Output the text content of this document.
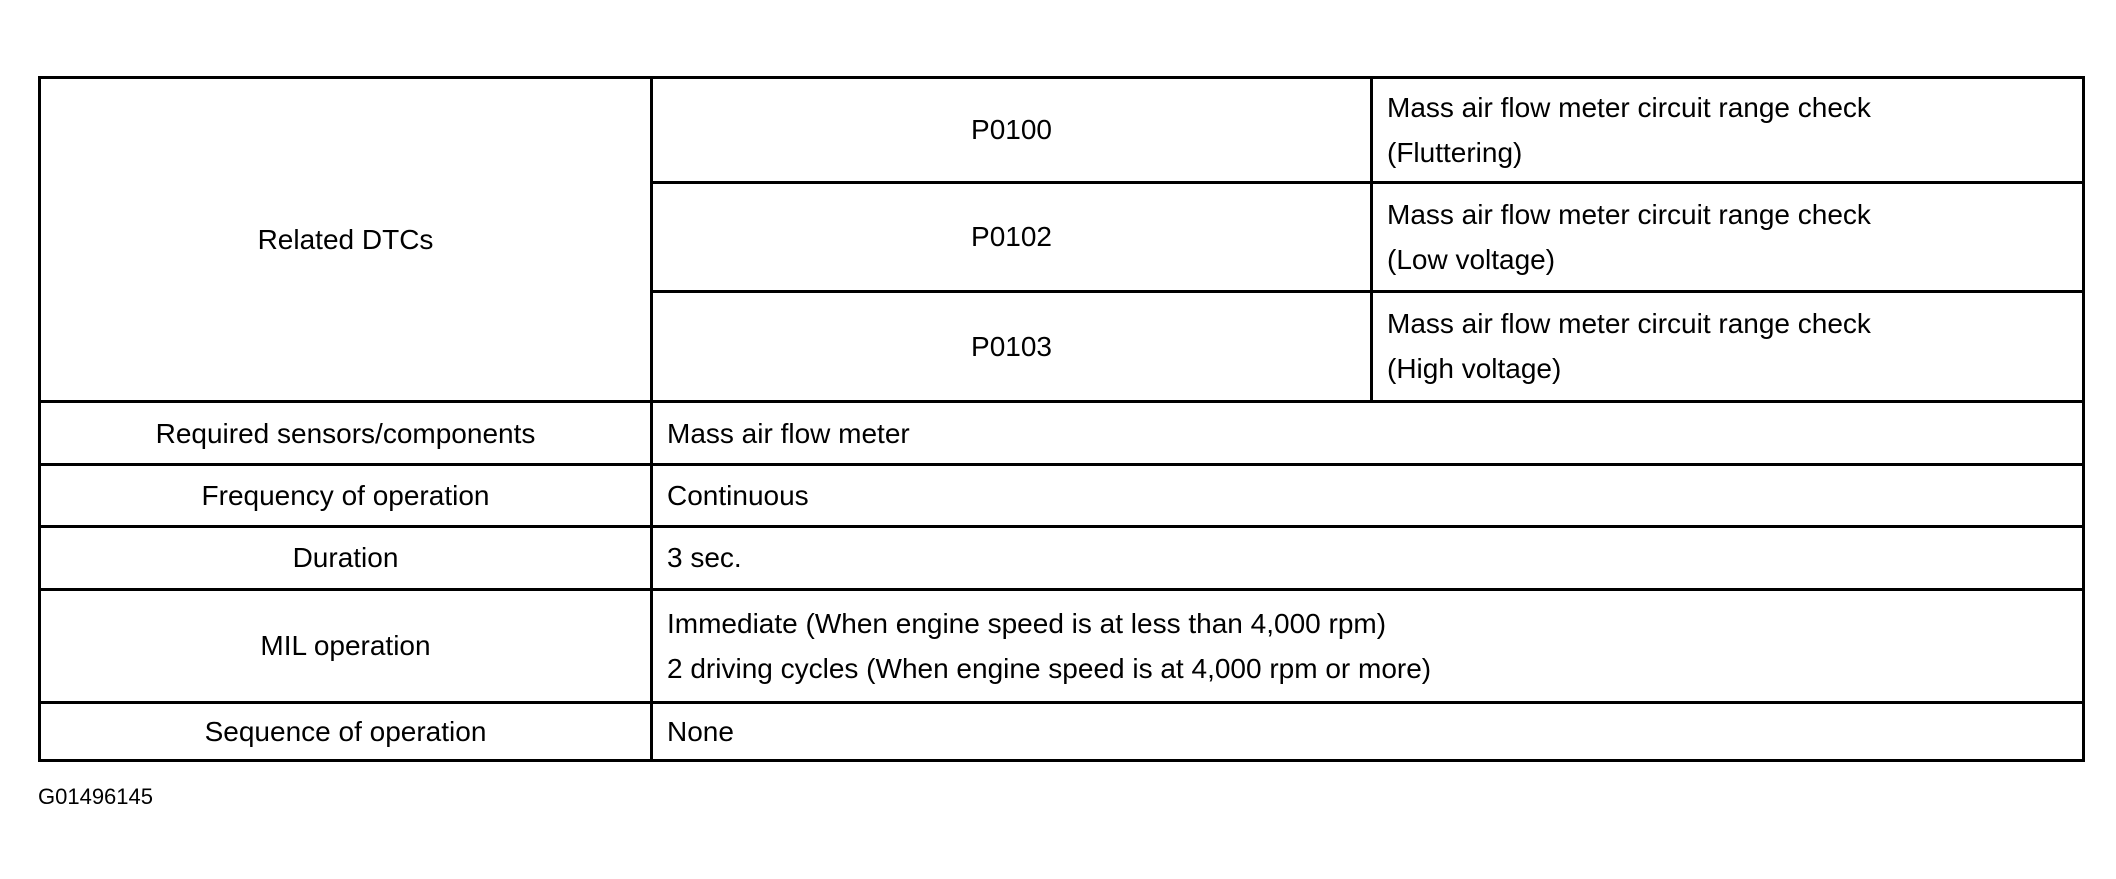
Related DTCs	P0100	Mass air flow meter circuit range check
(Fluttering)

	P0102	Mass air flow meter circuit range check
(Low voltage)

	P0103	Mass air flow meter circuit range check
(High voltage)

Required sensors/components	Mass air flow meter	
Frequency of operation	Continuous	
Duration	3 sec.	
MIL operation	Immediate (When engine speed is at less than 4,000 rpm)
2 driving cycles (When engine speed is at 4,000 rpm or more)	

Sequence of operation	None	
G01496145
